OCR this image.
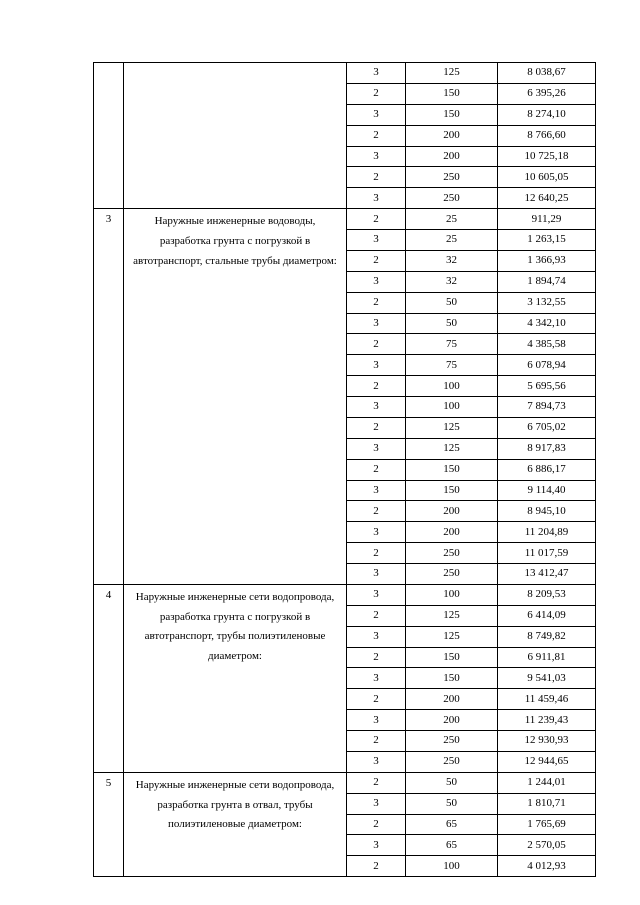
		3	125	8 038,67
		2	150	6 395,26
		3	150	8 274,10
		2	200	8 766,60
		3	200	10 725,18
		2	250	10 605,05
		3	250	12 640,25
3	Наружные инженерные водоводы, разработка грунта с погрузкой в автотранспорт, стальные трубы диаметром:	2	25	911,29
		3	25	1 263,15
		2	32	1 366,93
		3	32	1 894,74
		2	50	3 132,55
		3	50	4 342,10
		2	75	4 385,58
		3	75	6 078,94
		2	100	5 695,56
		3	100	7 894,73
		2	125	6 705,02
		3	125	8 917,83
		2	150	6 886,17
		3	150	9 114,40
		2	200	8 945,10
		3	200	11 204,89
		2	250	11 017,59
		3	250	13 412,47
4	Наружные инженерные сети водопровода, разработка грунта с погрузкой в автотранспорт, трубы полиэтиленовые диаметром:	3	100	8 209,53
		2	125	6 414,09
		3	125	8 749,82
		2	150	6 911,81
		3	150	9 541,03
		2	200	11 459,46
		3	200	11 239,43
		2	250	12 930,93
		3	250	12 944,65
5	Наружные инженерные сети водопровода, разработка грунта в отвал, трубы полиэтиленовые диаметром:	2	50	1 244,01
		3	50	1 810,71
		2	65	1 765,69
		3	65	2 570,05
		2	100	4 012,93
